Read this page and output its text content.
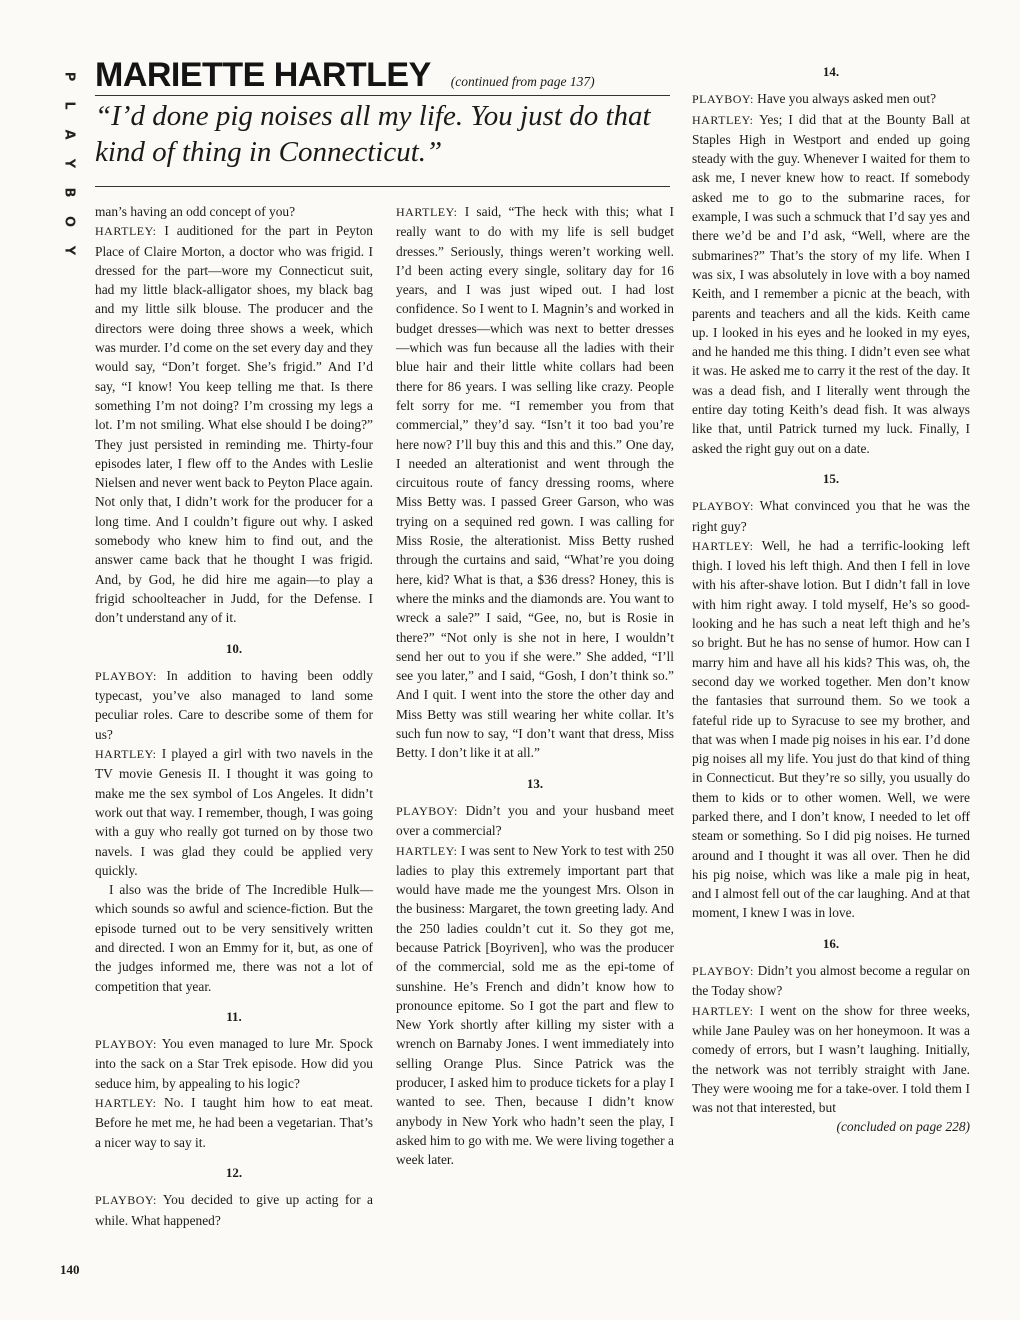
P
L
A
Y
B
O
Y
MARIETTE HARTLEY (continued from page 137)

“I’d done pig noises all my life. You just do that kind of thing in Connecticut.”

man’s having an odd concept of you?

HARTLEY: I auditioned for the part in Peyton Place of Claire Morton, a doctor who was frigid. I dressed for the part—wore my Connecticut suit, had my little black-alligator shoes, my black bag and my little silk blouse. The producer and the directors were doing three shows a week, which was murder. I’d come on the set every day and they would say, “Don’t forget. She’s frigid.” And I’d say, “I know! You keep telling me that. Is there something I’m not doing? I’m crossing my legs a lot. I’m not smiling. What else should I be doing?” They just persisted in reminding me. Thirty-four episodes later, I flew off to the Andes with Leslie Nielsen and never went back to Peyton Place again. Not only that, I didn’t work for the producer for a long time. And I couldn’t figure out why. I asked somebody who knew him to find out, and the answer came back that he thought I was frigid. And, by God, he did hire me again—to play a frigid schoolteacher in Judd, for the Defense. I don’t understand any of it.

10.

PLAYBOY: In addition to having been oddly typecast, you’ve also managed to land some peculiar roles. Care to describe some of them for us?

HARTLEY: I played a girl with two navels in the TV movie Genesis II. I thought it was going to make me the sex symbol of Los Angeles. It didn’t work out that way. I remember, though, I was going with a guy who really got turned on by those two navels. I was glad they could be applied very quickly.

I also was the bride of The Incredible Hulk—which sounds so awful and science-fiction. But the episode turned out to be very sensitively written and directed. I won an Emmy for it, but, as one of the judges informed me, there was not a lot of competition that year.

11.

PLAYBOY: You even managed to lure Mr. Spock into the sack on a Star Trek episode. How did you seduce him, by appealing to his logic?

HARTLEY: No. I taught him how to eat meat. Before he met me, he had been a vegetarian. That’s a nicer way to say it.

12.

PLAYBOY: You decided to give up acting for a while. What happened?

HARTLEY: I said, “The heck with this; what I really want to do with my life is sell budget dresses.” Seriously, things weren’t working well. I’d been acting every single, solitary day for 16 years, and I was just wiped out. I had lost confidence. So I went to I. Magnin’s and worked in budget dresses—which was next to better dresses—which was fun because all the ladies with their blue hair and their little white collars had been there for 86 years. I was selling like crazy. People felt sorry for me. “I remember you from that commercial,” they’d say. “Isn’t it too bad you’re here now? I’ll buy this and this and this.” One day, I needed an alterationist and went through the circuitous route of fancy dressing rooms, where Miss Betty was. I passed Greer Garson, who was trying on a sequined red gown. I was calling for Miss Rosie, the alterationist. Miss Betty rushed through the curtains and said, “What’re you doing here, kid? What is that, a $36 dress? Honey, this is where the minks and the diamonds are. You want to wreck a sale?” I said, “Gee, no, but is Rosie in there?” “Not only is she not in here, I wouldn’t send her out to you if she were.” She added, “I’ll see you later,” and I said, “Gosh, I don’t think so.” And I quit. I went into the store the other day and Miss Betty was still wearing her white collar. It’s such fun now to say, “I don’t want that dress, Miss Betty. I don’t like it at all.”

13.

PLAYBOY: Didn’t you and your husband meet over a commercial?

HARTLEY: I was sent to New York to test with 250 ladies to play this extremely important part that would have made me the youngest Mrs. Olson in the business: Margaret, the town greeting lady. And the 250 ladies couldn’t cut it. So they got me, because Patrick [Boyriven], who was the producer of the commercial, sold me as the epi-tome of sunshine. He’s French and didn’t know how to pronounce epitome. So I got the part and flew to New York shortly after killing my sister with a wrench on Barnaby Jones. I went immediately into selling Orange Plus. Since Patrick was the producer, I asked him to produce tickets for a play I wanted to see. Then, because I didn’t know anybody in New York who hadn’t seen the play, I asked him to go with me. We were living together a week later.

14.

PLAYBOY: Have you always asked men out?

HARTLEY: Yes; I did that at the Bounty Ball at Staples High in Westport and ended up going steady with the guy. Whenever I waited for them to ask me, I never knew how to react. If somebody asked me to go to the submarine races, for example, I was such a schmuck that I’d say yes and there we’d be and I’d ask, “Well, where are the submarines?” That’s the story of my life. When I was six, I was absolutely in love with a boy named Keith, and I remember a picnic at the beach, with parents and teachers and all the kids. Keith came up. I looked in his eyes and he looked in my eyes, and he handed me this thing. I didn’t even see what it was. He asked me to carry it the rest of the day. It was a dead fish, and I literally went through the entire day toting Keith’s dead fish. It was always like that, until Patrick turned my luck. Finally, I asked the right guy out on a date.

15.

PLAYBOY: What convinced you that he was the right guy?

HARTLEY: Well, he had a terrific-looking left thigh. I loved his left thigh. And then I fell in love with his after-shave lotion. But I didn’t fall in love with him right away. I told myself, He’s so good-looking and he has such a neat left thigh and he’s so bright. But he has no sense of humor. How can I marry him and have all his kids? This was, oh, the second day we worked together. Men don’t know the fantasies that surround them. So we took a fateful ride up to Syracuse to see my brother, and that was when I made pig noises in his ear. I’d done pig noises all my life. You just do that kind of thing in Connecticut. But they’re so silly, you usually do them to kids or to other women. Well, we were parked there, and I don’t know, I needed to let off steam or something. So I did pig noises. He turned around and I thought it was all over. Then he did his pig noise, which was like a male pig in heat, and I almost fell out of the car laughing. And at that moment, I knew I was in love.

16.

PLAYBOY: Didn’t you almost become a regular on the Today show?

HARTLEY: I went on the show for three weeks, while Jane Pauley was on her honeymoon. It was a comedy of errors, but I wasn’t laughing. Initially, the network was not terribly straight with Jane. They were wooing me for a take-over. I told them I was not that interested, but

(concluded on page 228)

140
